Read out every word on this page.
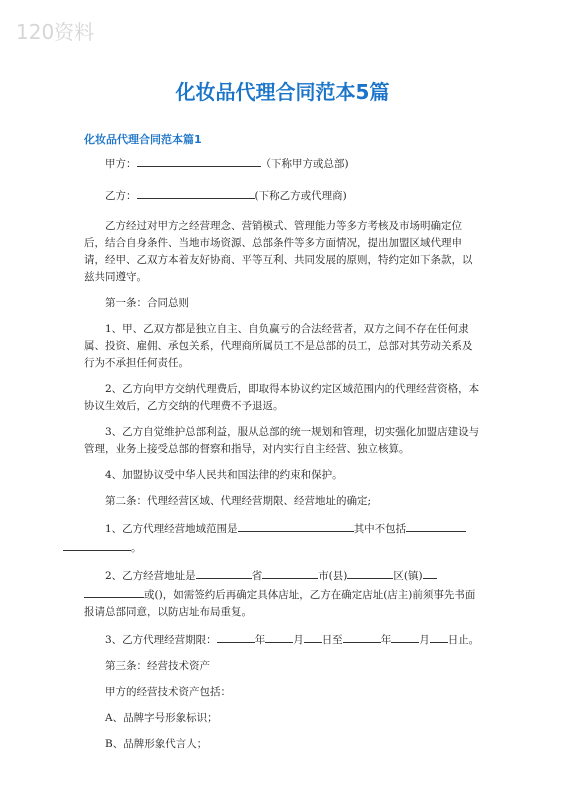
120资料
化妆品代理合同范本5篇
化妆品代理合同范本篇1

甲方：	（下称甲方或总部)

乙方：	(下称乙方或代理商)

乙方经过对甲方之经营理念、营销模式、管理能力等多方考核及市场明确定位后，结合自身条件、当地市场资源、总部条件等多方面情况，提出加盟区域代理申请，经甲、乙双方本着友好协商、平等互利、共同发展的原则，特约定如下条款，以兹共同遵守。

第一条：合同总则

1、甲、乙双方都是独立自主、自负赢亏的合法经营者，双方之间不存在任何隶属、投资、雇佣、承包关系，代理商所属员工不是总部的员工，总部对其劳动关系及行为不承担任何责任。

2、乙方向甲方交纳代理费后，即取得本协议约定区域范围内的代理经营资格，本协议生效后，乙方交纳的代理费不予退返。

3、乙方自觉维护总部利益，服从总部的统一规划和管理，切实强化加盟店建设与管理，业务上接受总部的督察和指导，对内实行自主经营、独立核算。

4、加盟协议受中华人民共和国法律的约束和保护。

第二条：代理经营区域、代理经营期限、经营地址的确定;

1、乙方代理经营地域范围是	其中不包括
。

2、乙方经营地址是	省	市(县)	区(镇) 或()，如需签约后再确定具体店址，乙方在确定店址(店主)前须事先书面报请总部同意，以防店址布局重复。

3、乙方代理经营期限：	年	月 日至	年	月 日止。

第三条：经营技术资产

甲方的经营技术资产包括：

A、品牌字号形象标识；

B、品牌形象代言人；
